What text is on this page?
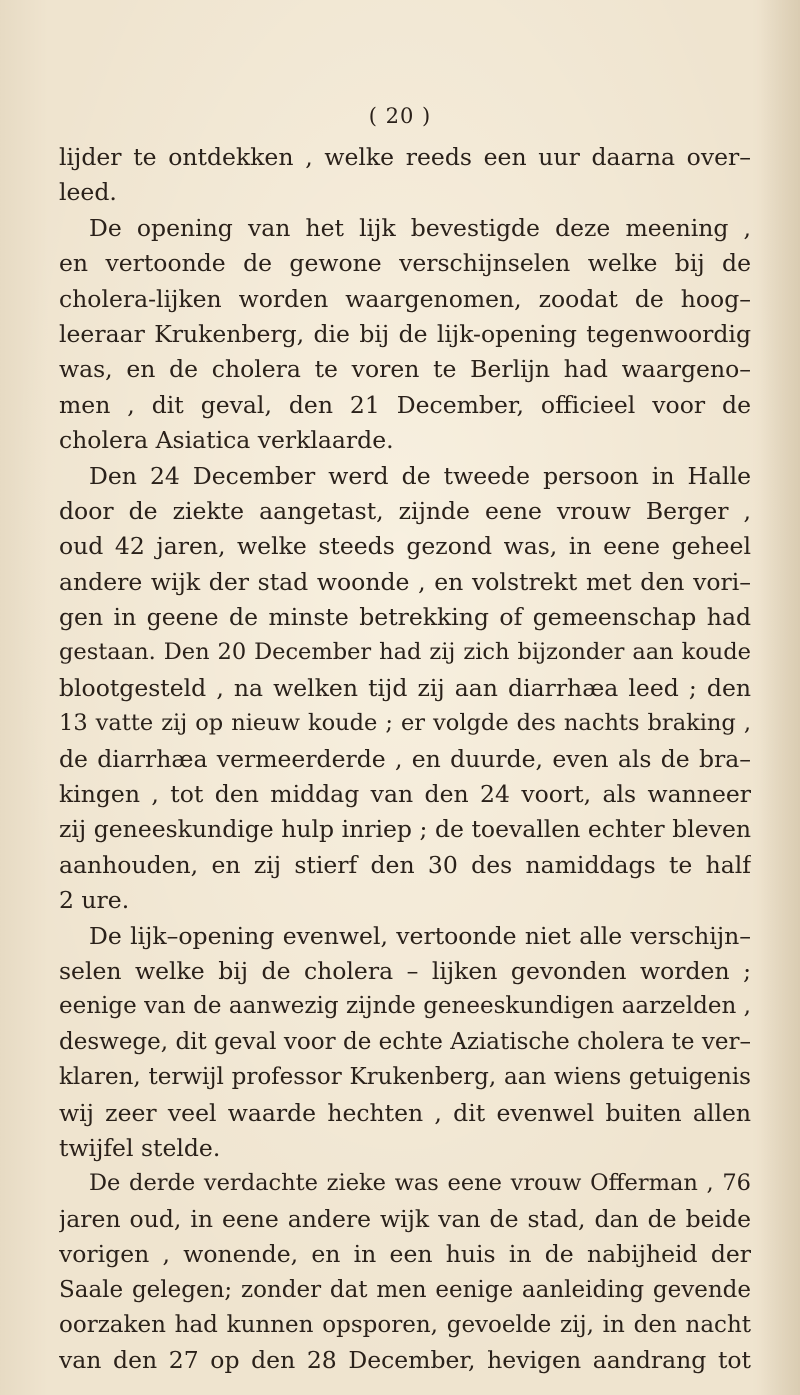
( 20 )
lijder te ontdekken , welke reeds een uur daarna over–
leed.
De opening van het lijk bevestigde deze meening ,
en vertoonde de gewone verschijnselen welke bij de
cholera-lijken worden waargenomen, zoodat de hoog–
leeraar Krukenberg, die bij de lijk-opening tegenwoordig
was, en de cholera te voren te Berlijn had waargeno–
men , dit geval, den 21 December, officieel voor de
cholera Asiatica verklaarde.
Den 24 December werd de tweede persoon in Halle
door de ziekte aangetast, zijnde eene vrouw Berger ,
oud 42 jaren, welke steeds gezond was, in eene geheel
andere wijk der stad woonde , en volstrekt met den vori–
gen in geene de minste betrekking of gemeenschap had
gestaan. Den 20 December had zij zich bijzonder aan koude
blootgesteld , na welken tijd zij aan diarrhæa leed ; den
13 vatte zij op nieuw koude ; er volgde des nachts braking ,
de diarrhæa vermeerderde , en duurde, even als de bra–
kingen , tot den middag van den 24 voort, als wanneer
zij geneeskundige hulp inriep ; de toevallen echter bleven
aanhouden, en zij stierf den 30 des namiddags te half
2 ure.
De lijk–opening evenwel, vertoonde niet alle verschijn–
selen welke bij de cholera – lijken gevonden worden ;
eenige van de aanwezig zijnde geneeskundigen aarzelden ,
deswege, dit geval voor de echte Aziatische cholera te ver–
klaren, terwijl professor Krukenberg, aan wiens getuigenis
wij zeer veel waarde hechten , dit evenwel buiten allen
twijfel stelde.
De derde verdachte zieke was eene vrouw Offerman , 76
jaren oud, in eene andere wijk van de stad, dan de beide
vorigen , wonende, en in een huis in de nabijheid der
Saale gelegen; zonder dat men eenige aanleiding gevende
oorzaken had kunnen opsporen, gevoelde zij, in den nacht
van den 27 op den 28 December, hevigen aandrang tot
